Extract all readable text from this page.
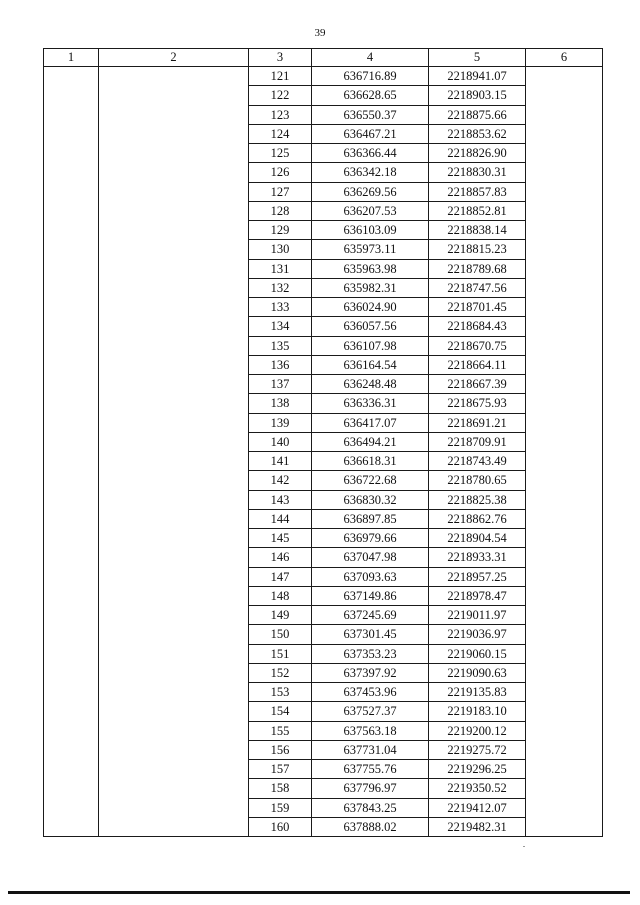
39
1	2	3	4	5	6
		121	636716.89	2218941.07	
		122	636628.65	2218903.15	
		123	636550.37	2218875.66	
		124	636467.21	2218853.62	
		125	636366.44	2218826.90	
		126	636342.18	2218830.31	
		127	636269.56	2218857.83	
		128	636207.53	2218852.81	
		129	636103.09	2218838.14	
		130	635973.11	2218815.23	
		131	635963.98	2218789.68	
		132	635982.31	2218747.56	
		133	636024.90	2218701.45	
		134	636057.56	2218684.43	
		135	636107.98	2218670.75	
		136	636164.54	2218664.11	
		137	636248.48	2218667.39	
		138	636336.31	2218675.93	
		139	636417.07	2218691.21	
		140	636494.21	2218709.91	
		141	636618.31	2218743.49	
		142	636722.68	2218780.65	
		143	636830.32	2218825.38	
		144	636897.85	2218862.76	
		145	636979.66	2218904.54	
		146	637047.98	2218933.31	
		147	637093.63	2218957.25	
		148	637149.86	2218978.47	
		149	637245.69	2219011.97	
		150	637301.45	2219036.97	
		151	637353.23	2219060.15	
		152	637397.92	2219090.63	
		153	637453.96	2219135.83	
		154	637527.37	2219183.10	
		155	637563.18	2219200.12	
		156	637731.04	2219275.72	
		157	637755.76	2219296.25	
		158	637796.97	2219350.52	
		159	637843.25	2219412.07	
		160	637888.02	2219482.31	
